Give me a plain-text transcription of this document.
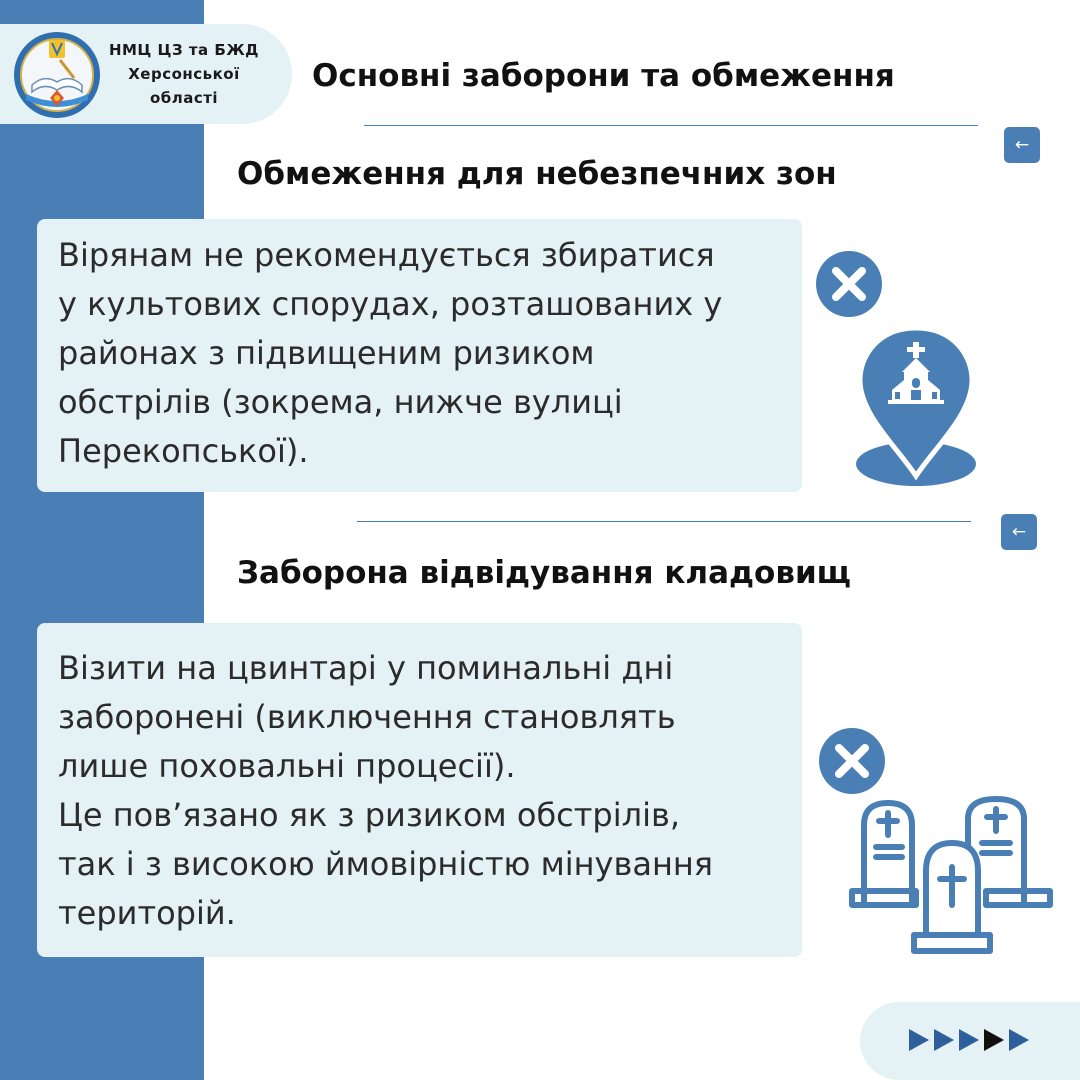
НМЦ ЦЗ та БЖД
Херсонської
області
Основні заборони та обмеження
←
Обмеження для небезпечних зон

Вірянам не рекомендується збиратися
у культових спорудах, розташованих у
районах з підвищеним ризиком
обстрілів (зокрема, нижче вулиці
Перекопської).

←
Заборона відвідування кладовищ

Візити на цвинтарі у поминальні дні
заборонені (виключення становлять
лише поховальні процесії).
Це пов’язано як з ризиком обстрілів,
так і з високою ймовірністю мінування
територій.
